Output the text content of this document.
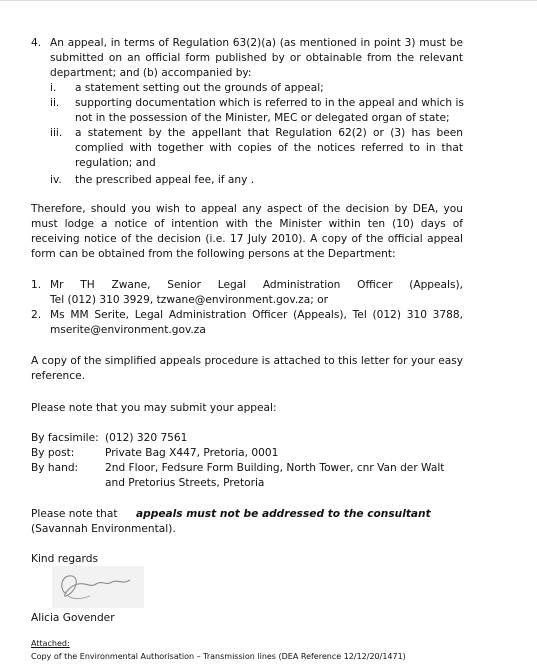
4. An appeal, in terms of Regulation 63(2)(a) (as mentioned in point 3) must be
submitted on an official form published by or obtainable from the relevant
department; and (b) accompanied by:
i. a statement setting out the grounds of appeal;
ii. supporting documentation which is referred to in the appeal and which is
not in the possession of the Minister, MEC or delegated organ of state;
iii. a statement by the appellant that Regulation 62(2) or (3) has been
complied with together with copies of the notices referred to in that
regulation; and
iv. the prescribed appeal fee, if any .
Therefore, should you wish to appeal any aspect of the decision by DEA, you
must lodge a notice of intention with the Minister within ten (10) days of
receiving notice of the decision (i.e. 17 July 2010). A copy of the official appeal
form can be obtained from the following persons at the Department:
1. Mr TH Zwane, Senior Legal Administration Officer (Appeals),
Tel (012) 310 3929, tzwane@environment.gov.za; or
2. Ms MM Serite, Legal Administration Officer (Appeals), Tel (012) 310 3788,
mserite@environment.gov.za
A copy of the simplified appeals procedure is attached to this letter for your easy
reference.
Please note that you may submit your appeal:
By facsimile: (012) 320 7561
By post:	Private Bag X447, Pretoria, 0001
By hand:	2nd Floor, Fedsure Form Building, North Tower, cnr Van der Walt
and Pretorius Streets, Pretoria
Please note that appeals must not be addressed to the consultant
(Savannah Environmental).
Kind regards
Alicia Govender
Attached:
Copy of the Environmental Authorisation – Transmission lines (DEA Reference 12/12/20/1471)
